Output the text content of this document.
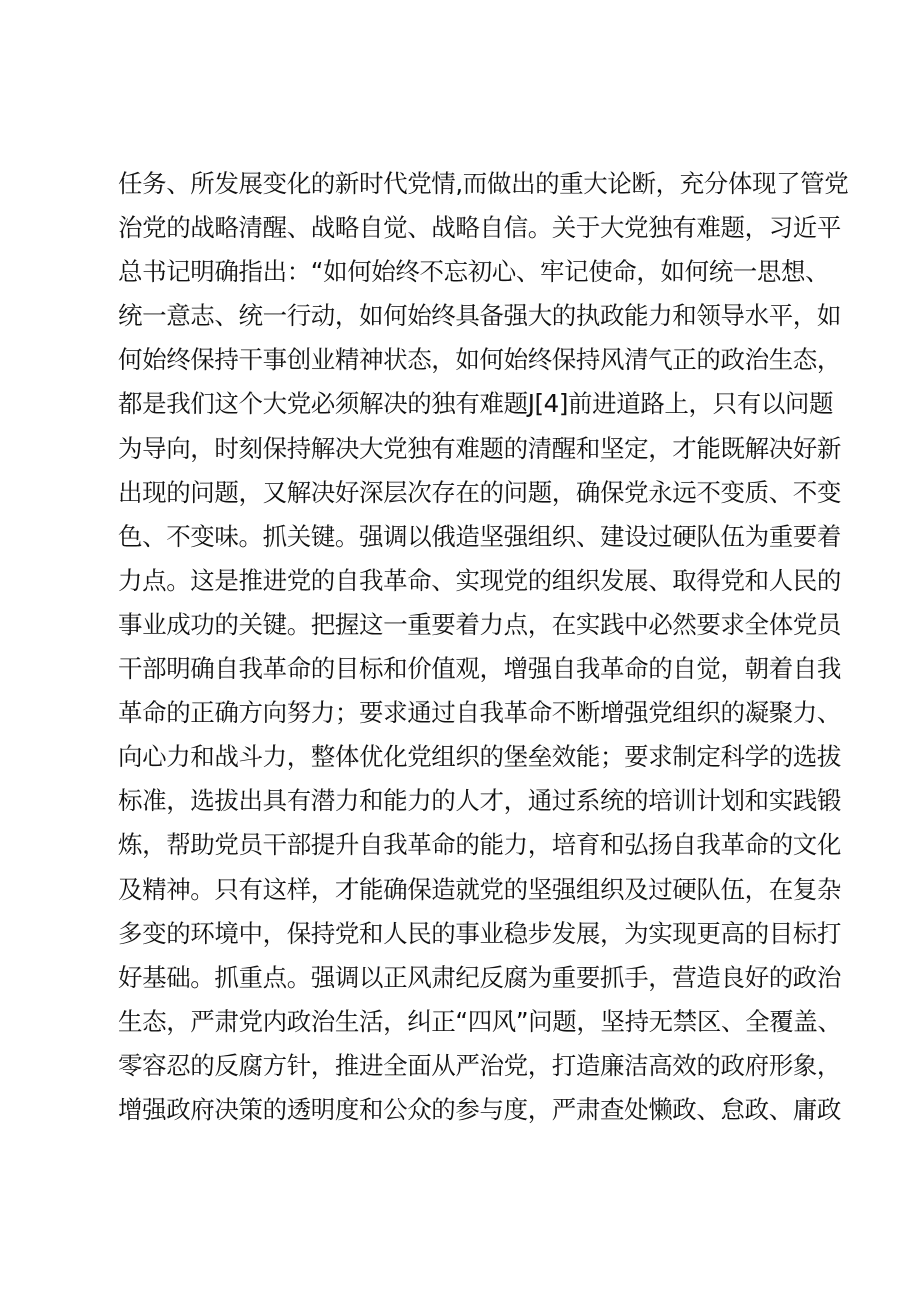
任务、所发展变化的新时代党情,而做出的重大论断，充分体现了管党
治党的战略清醒、战略自觉、战略自信。关于大党独有难题，习近平
总书记明确指出：“如何始终不忘初心、牢记使命，如何统一思想、
统一意志、统一行动，如何始终具备强大的执政能力和领导水平，如
何始终保持干事创业精神状态，如何始终保持风清气正的政治生态，
都是我们这个大党必须解决的独有难题J[4]前进道路上，只有以问题
为导向，时刻保持解决大党独有难题的清醒和坚定，才能既解决好新
出现的问题，又解决好深层次存在的问题，确保党永远不变质、不变
色、不变味。抓关键。强调以俄造坚强组织、建设过硬队伍为重要着
力点。这是推进党的自我革命、实现党的组织发展、取得党和人民的
事业成功的关键。把握这一重要着力点，在实践中必然要求全体党员
干部明确自我革命的目标和价值观，增强自我革命的自觉，朝着自我
革命的正确方向努力；要求通过自我革命不断增强党组织的凝聚力、
向心力和战斗力，整体优化党组织的堡垒效能；要求制定科学的选拔
标准，选拔出具有潜力和能力的人才，通过系统的培训计划和实践锻
炼，帮助党员干部提升自我革命的能力，培育和弘扬自我革命的文化
及精神。只有这样，才能确保造就党的坚强组织及过硬队伍，在复杂
多变的环境中，保持党和人民的事业稳步发展，为实现更高的目标打
好基础。抓重点。强调以正风肃纪反腐为重要抓手，营造良好的政治
生态，严肃党内政治生活，纠正“四风”问题，坚持无禁区、全覆盖、
零容忍的反腐方针，推进全面从严治党，打造廉洁高效的政府形象，
增强政府决策的透明度和公众的参与度，严肃查处懒政、怠政、庸政
